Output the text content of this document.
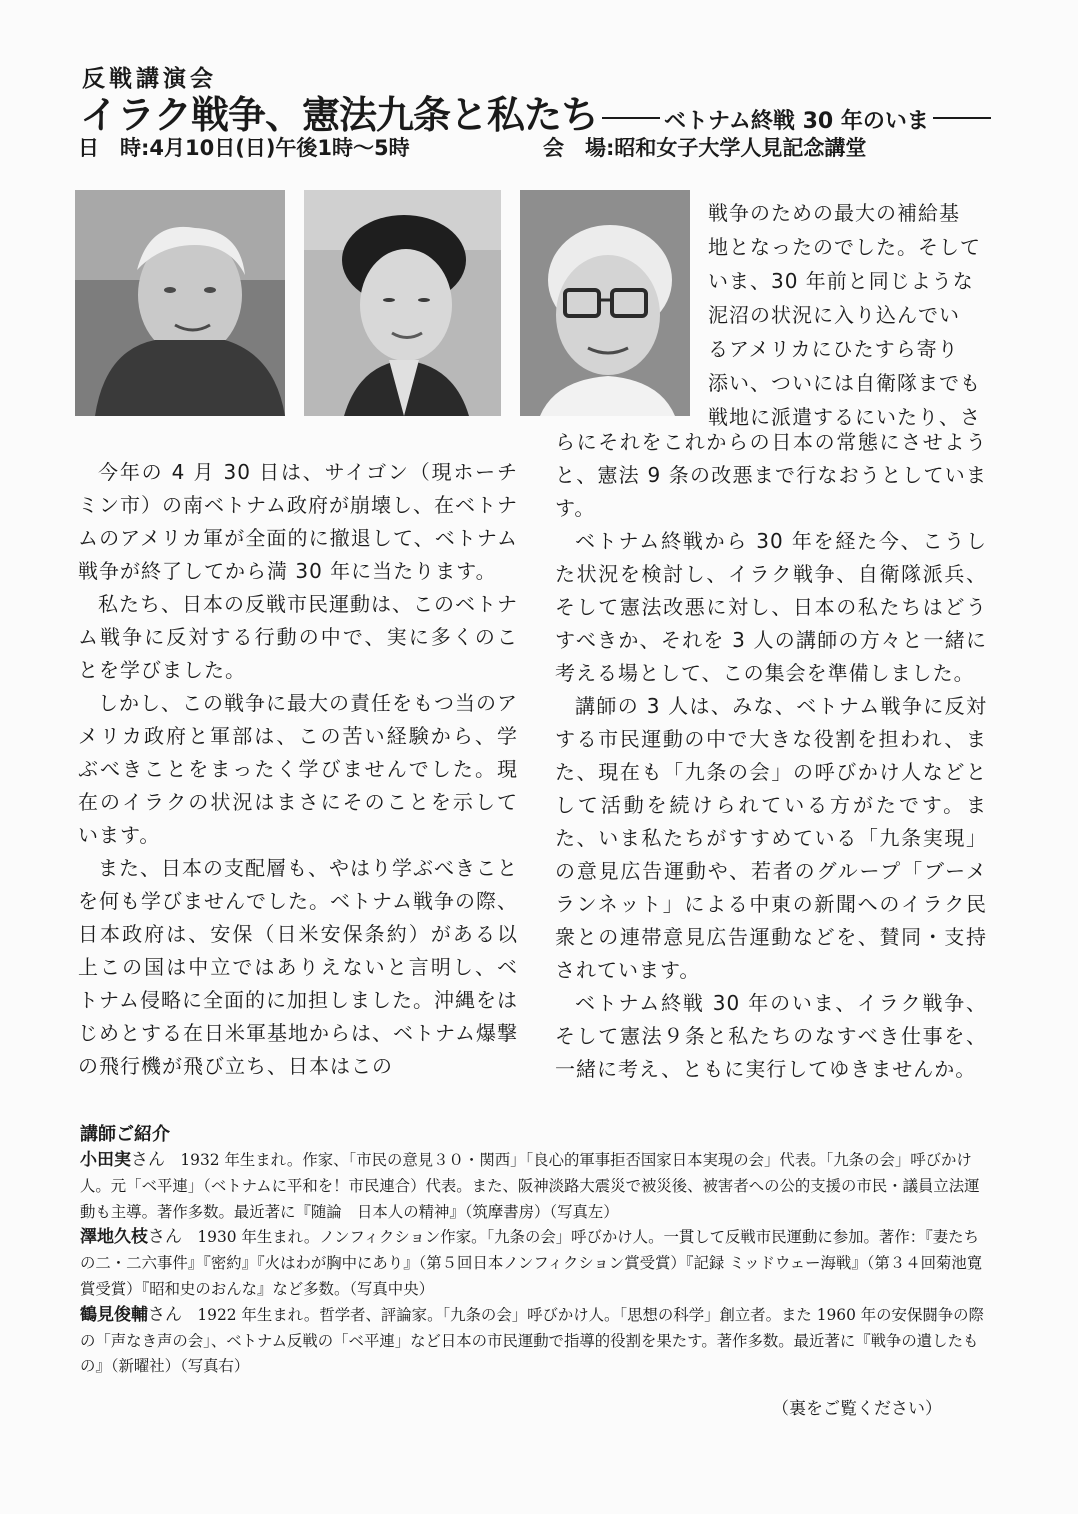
反戦講演会
イラク戦争、憲法九条と私たち	ベトナム終戦 30 年のいま
日　時:4月10日(日)午後1時〜5時	会　場:昭和女子大学人見記念講堂
戦争のための最大の補給基
地となったのでした。そして
いま、30 年前と同じような
泥沼の状況に入り込んでい
るアメリカにひたすら寄り
添い、ついには自衛隊までも
戦地に派遣するにいたり、さ

今年の 4 月 30 日は、サイゴン（現ホーチミン市）の南ベトナム政府が崩壊し、在ベトナムのアメリカ軍が全面的に撤退して、ベトナム戦争が終了してから満 30 年に当たります。

私たち、日本の反戦市民運動は、このベトナム戦争に反対する行動の中で、実に多くのことを学びました。

しかし、この戦争に最大の責任をもつ当のアメリカ政府と軍部は、この苦い経験から、学ぶべきことをまったく学びませんでした。現在のイラクの状況はまさにそのことを示しています。

また、日本の支配層も、やはり学ぶべきことを何も学びませんでした。ベトナム戦争の際、日本政府は、安保（日米安保条約）がある以上この国は中立ではありえないと言明し、ベトナム侵略に全面的に加担しました。沖縄をはじめとする在日米軍基地からは、ベトナム爆撃の飛行機が飛び立ち、日本はこの

らにそれをこれからの日本の常態にさせようと、憲法 9 条の改悪まで行なおうとしています。

ベトナム終戦から 30 年を経た今、こうした状況を検討し、イラク戦争、自衛隊派兵、そして憲法改悪に対し、日本の私たちはどうすべきか、それを 3 人の講師の方々と一緒に考える場として、この集会を準備しました。

講師の 3 人は、みな、ベトナム戦争に反対する市民運動の中で大きな役割を担われ、また、現在も「九条の会」の呼びかけ人などとして活動を続けられている方がたです。また、いま私たちがすすめている「九条実現」の意見広告運動や、若者のグループ「ブーメランネット」による中東の新聞へのイラク民衆との連帯意見広告運動などを、賛同・支持されています。

ベトナム終戦 30 年のいま、イラク戦争、そして憲法９条と私たちのなすべき仕事を、一緒に考え、ともに実行してゆきませんか。

講師ご紹介

小田実さん　1932 年生まれ。作家、「市民の意見３０・関西」「良心的軍事拒否国家日本実現の会」代表。「九条の会」呼びかけ人。元「ベ平連」（ベトナムに平和を！市民連合）代表。また、阪神淡路大震災で被災後、被害者への公的支援の市民・議員立法運動も主導。著作多数。最近著に『随論　日本人の精神』（筑摩書房）（写真左）

澤地久枝さん　1930 年生まれ。ノンフィクション作家。「九条の会」呼びかけ人。一貫して反戦市民運動に参加。著作：『妻たちの二・二六事件』『密約』『火はわが胸中にあり』（第５回日本ノンフィクション賞受賞）『記録 ミッドウェー海戦』（第３４回菊池寛賞受賞）『昭和史のおんな』など多数。（写真中央）

鶴見俊輔さん　1922 年生まれ。哲学者、評論家。「九条の会」呼びかけ人。「思想の科学」創立者。また 1960 年の安保闘争の際の「声なき声の会」、ベトナム反戦の「ベ平連」など日本の市民運動で指導的役割を果たす。著作多数。最近著に『戦争の遺したもの』（新曜社）（写真右）

（裏をご覧ください）
